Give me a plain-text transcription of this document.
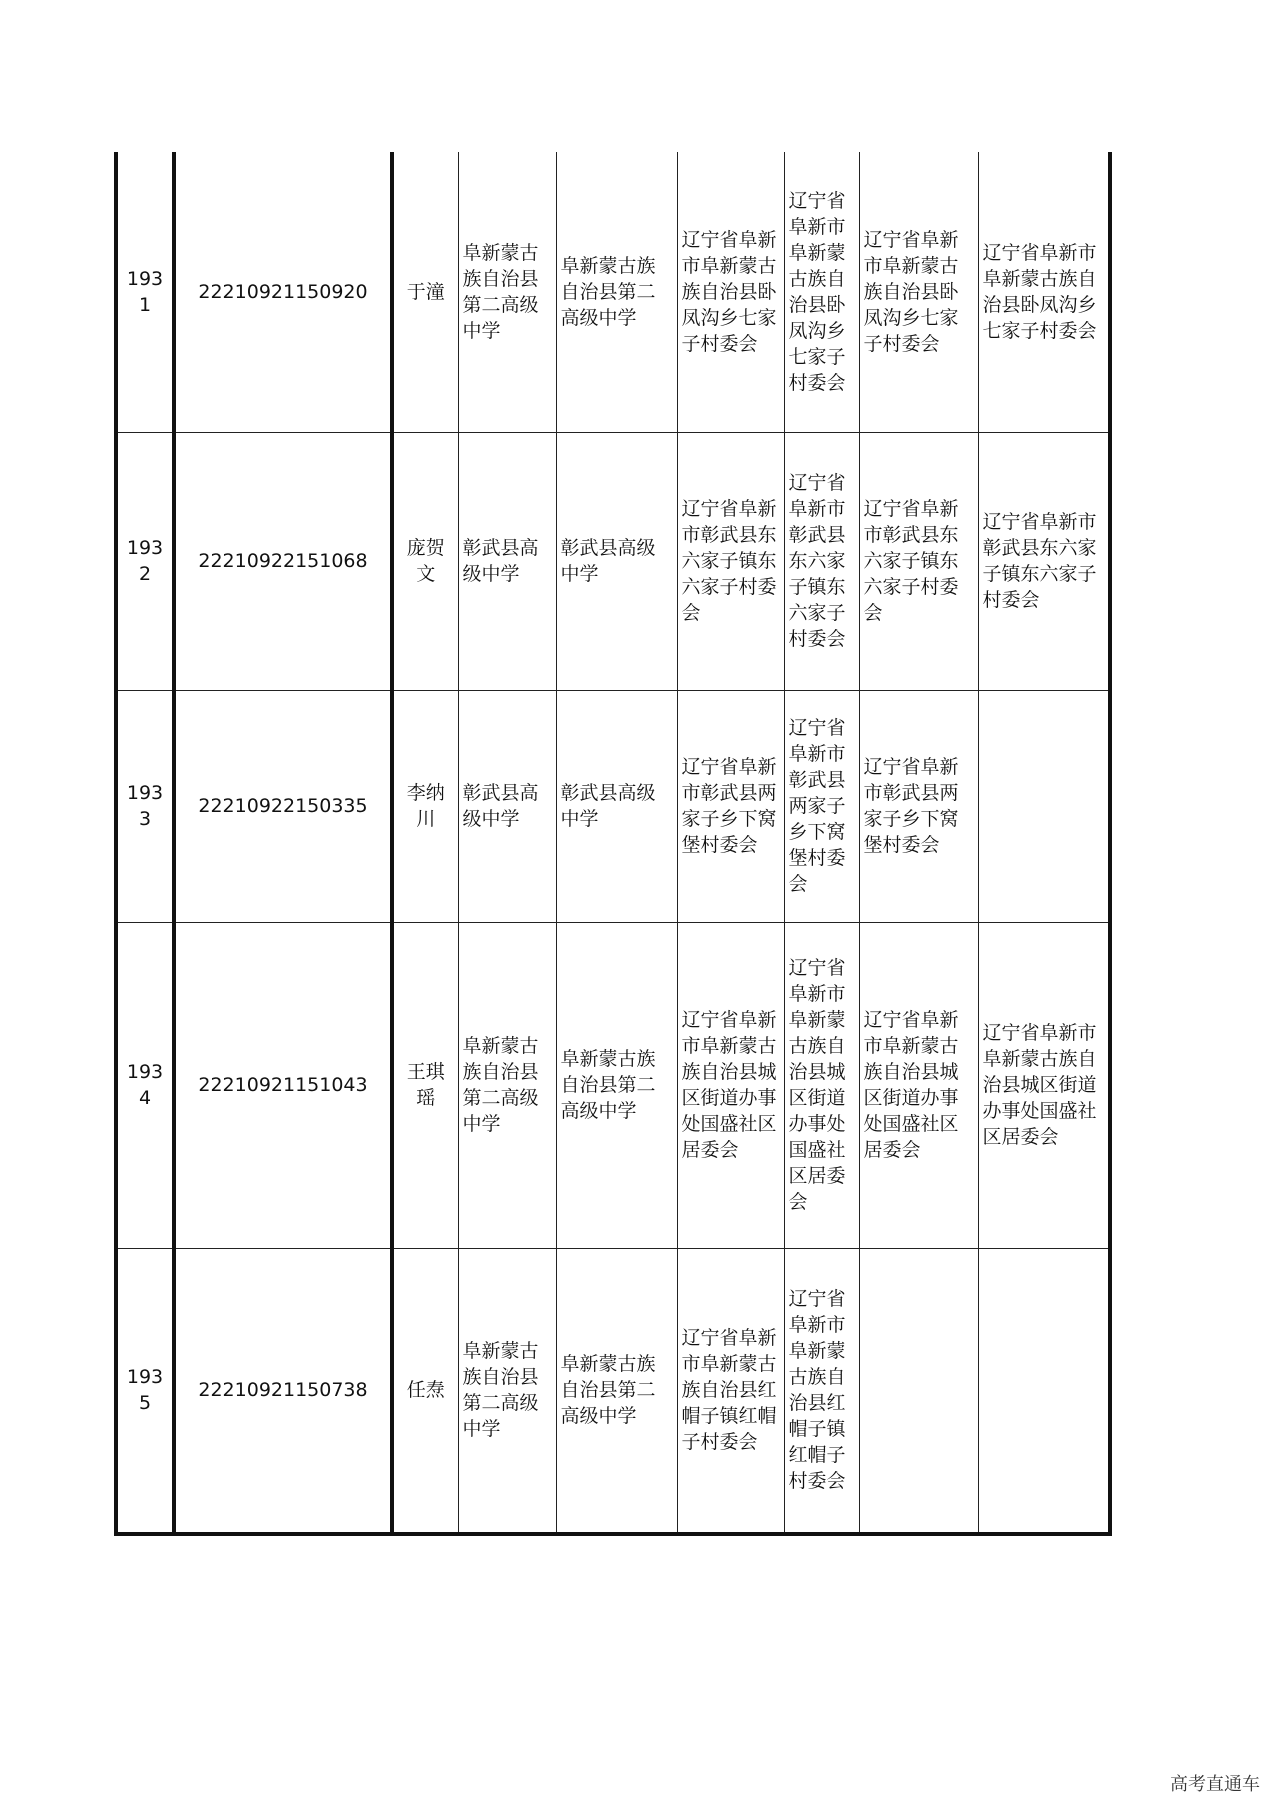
1931	22210921150920	于潼	阜新蒙古族自治县第二高级中学	阜新蒙古族自治县第二高级中学	辽宁省阜新市阜新蒙古族自治县卧凤沟乡七家子村委会	辽宁省阜新市阜新蒙古族自治县卧凤沟乡七家子村委会	辽宁省阜新市阜新蒙古族自治县卧凤沟乡七家子村委会	辽宁省阜新市阜新蒙古族自治县卧凤沟乡七家子村委会
1932	22210922151068	庞贺文	彰武县高级中学	彰武县高级中学	辽宁省阜新市彰武县东六家子镇东六家子村委会	辽宁省阜新市彰武县东六家子镇东六家子村委会	辽宁省阜新市彰武县东六家子镇东六家子村委会	辽宁省阜新市彰武县东六家子镇东六家子村委会
1933	22210922150335	李纳川	彰武县高级中学	彰武县高级中学	辽宁省阜新市彰武县两家子乡下窝堡村委会	辽宁省阜新市彰武县两家子乡下窝堡村委会	辽宁省阜新市彰武县两家子乡下窝堡村委会	
1934	22210921151043	王琪瑶	阜新蒙古族自治县第二高级中学	阜新蒙古族自治县第二高级中学	辽宁省阜新市阜新蒙古族自治县城区街道办事处国盛社区居委会	辽宁省阜新市阜新蒙古族自治县城区街道办事处国盛社区居委会	辽宁省阜新市阜新蒙古族自治县城区街道办事处国盛社区居委会	辽宁省阜新市阜新蒙古族自治县城区街道办事处国盛社区居委会
1935	22210921150738	任焘	阜新蒙古族自治县第二高级中学	阜新蒙古族自治县第二高级中学	辽宁省阜新市阜新蒙古族自治县红帽子镇红帽子村委会	辽宁省阜新市阜新蒙古族自治县红帽子镇红帽子村委会		
高考直通车
